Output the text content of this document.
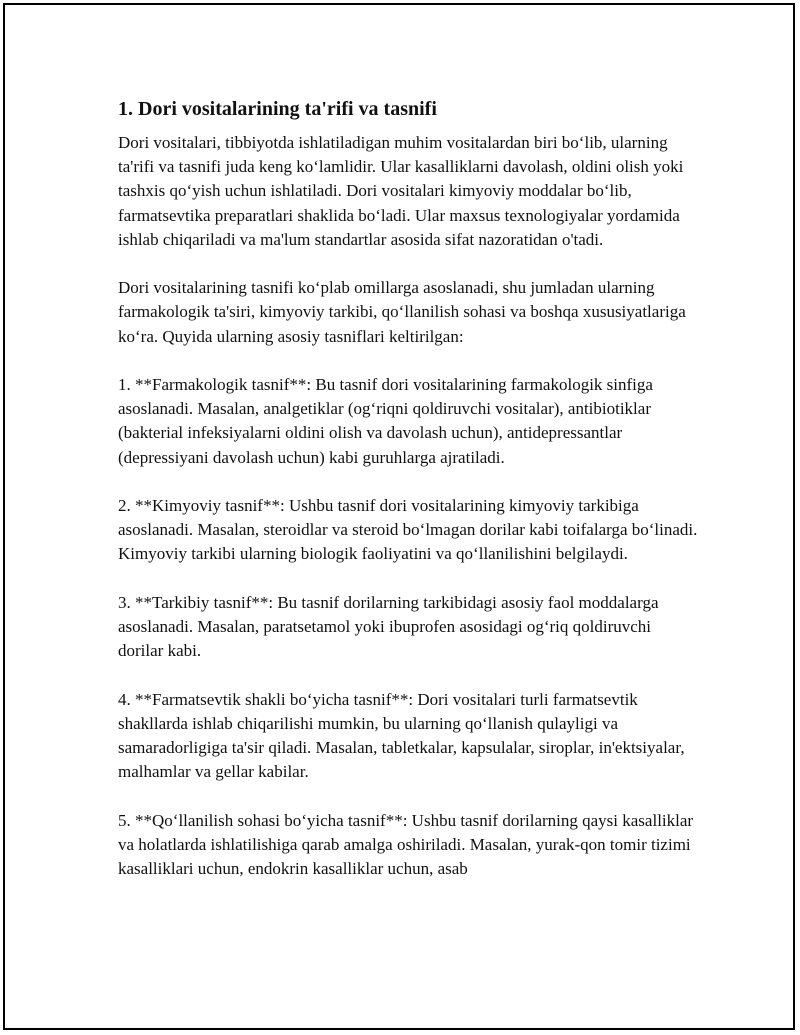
1. Dori vositalarining ta'rifi va tasnifi

Dori vositalari, tibbiyotda ishlatiladigan muhim vositalardan biri bo‘lib, ularning ta'rifi va tasnifi juda keng ko‘lamlidir. Ular kasalliklarni davolash, oldini olish yoki tashxis qo‘yish uchun ishlatiladi. Dori vositalari kimyoviy moddalar bo‘lib, farmatsevtika preparatlari shaklida bo‘ladi. Ular maxsus texnologiyalar yordamida ishlab chiqariladi va ma'lum standartlar asosida sifat nazoratidan o'tadi.

Dori vositalarining tasnifi ko‘plab omillarga asoslanadi, shu jumladan ularning farmakologik ta'siri, kimyoviy tarkibi, qo‘llanilish sohasi va boshqa xususiyatlariga ko‘ra. Quyida ularning asosiy tasniflari keltirilgan:

1. **Farmakologik tasnif**: Bu tasnif dori vositalarining farmakologik sinfiga asoslanadi. Masalan, analgetiklar (og‘riqni qoldiruvchi vositalar), antibiotiklar (bakterial infeksiyalarni oldini olish va davolash uchun), antidepressantlar (depressiyani davolash uchun) kabi guruhlarga ajratiladi.

2. **Kimyoviy tasnif**: Ushbu tasnif dori vositalarining kimyoviy tarkibiga asoslanadi. Masalan, steroidlar va steroid bo‘lmagan dorilar kabi toifalarga bo‘linadi. Kimyoviy tarkibi ularning biologik faoliyatini va qo‘llanilishini belgilaydi.

3. **Tarkibiy tasnif**: Bu tasnif dorilarning tarkibidagi asosiy faol moddalarga asoslanadi. Masalan, paratsetamol yoki ibuprofen asosidagi og‘riq qoldiruvchi dorilar kabi.

4. **Farmatsevtik shakli bo‘yicha tasnif**: Dori vositalari turli farmatsevtik shakllarda ishlab chiqarilishi mumkin, bu ularning qo‘llanish qulayligi va samaradorligiga ta'sir qiladi. Masalan, tabletkalar, kapsulalar, siroplar, in'ektsiyalar, malhamlar va gellar kabilar.

5. **Qo‘llanilish sohasi bo‘yicha tasnif**: Ushbu tasnif dorilarning qaysi kasalliklar va holatlarda ishlatilishiga qarab amalga oshiriladi. Masalan, yurak-qon tomir tizimi kasalliklari uchun, endokrin kasalliklar uchun, asab
